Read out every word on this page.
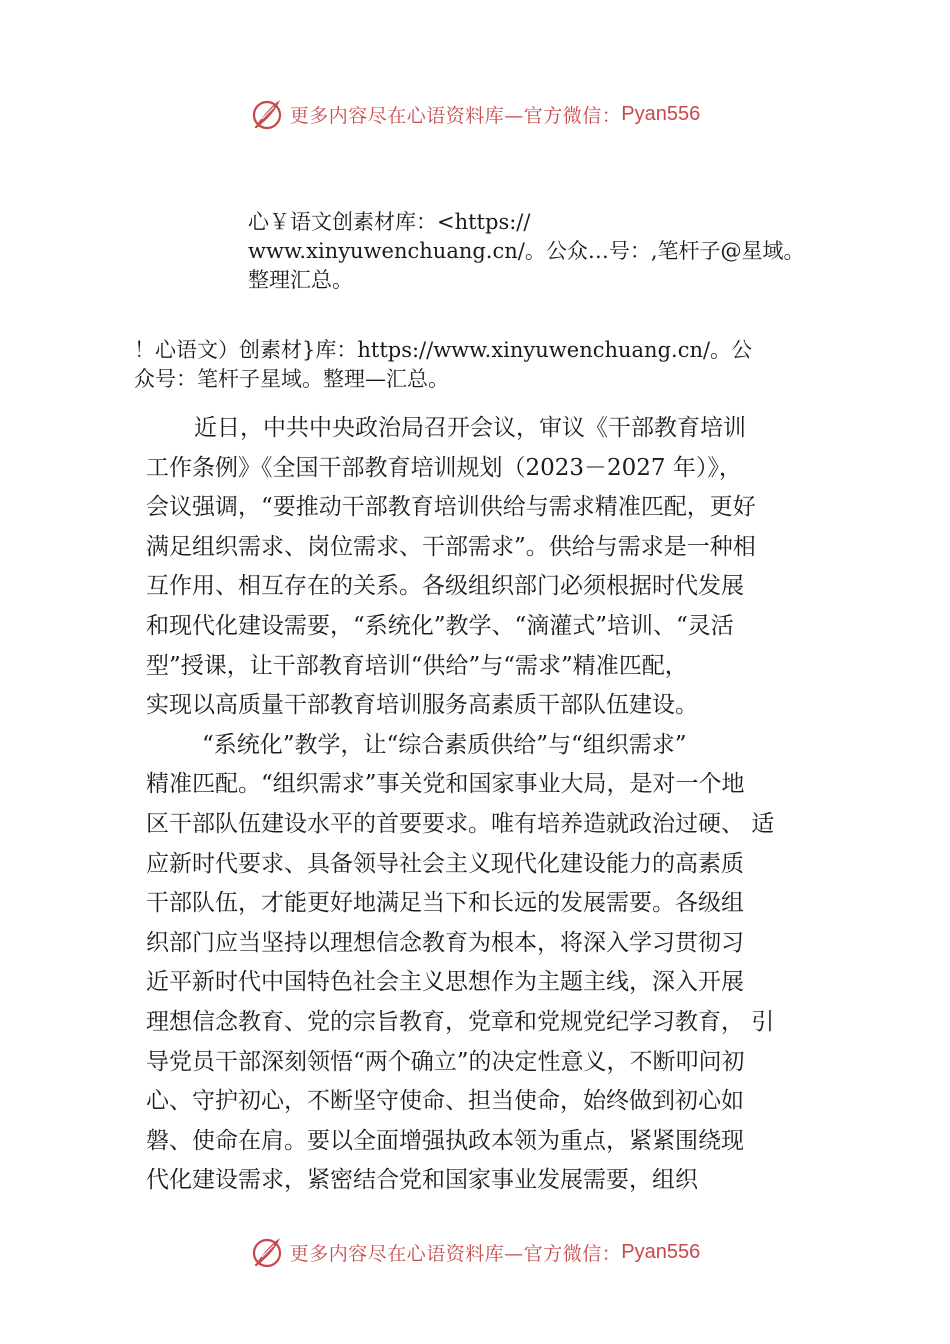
更多内容尽在心语资料库—官方微信： Pyan556
心￥语文创素材库：<https://
www.xinyuwenchuang.cn/。公众…号：,笔杆子@星域。
整理汇总。
！心语文）创素材}库：https://www.xinyuwenchuang.cn/。公
众号：笔杆子星域。整理—汇总。
近日，中共中央政治局召开会议，审议《干部教育培训
工作条例》《全国干部教育培训规划（2023－2027 年）》，
会议强调，“要推动干部教育培训供给与需求精准匹配，更好
满足组织需求、岗位需求、干部需求”。供给与需求是一种相
互作用、相互存在的关系。各级组织部门必须根据时代发展
和现代化建设需要，“系统化”教学、“滴灌式”培训、“灵活
型”授课，让干部教育培训“供给”与“需求”精准匹配，
实现以高质量干部教育培训服务高素质干部队伍建设。
“系统化”教学，让“综合素质供给”与“组织需求”
精准匹配。“组织需求”事关党和国家事业大局，是对一个地
区干部队伍建设水平的首要要求。唯有培养造就政治过硬、 适
应新时代要求、具备领导社会主义现代化建设能力的高素质
干部队伍，才能更好地满足当下和长远的发展需要。各级组
织部门应当坚持以理想信念教育为根本，将深入学习贯彻习
近平新时代中国特色社会主义思想作为主题主线，深入开展
理想信念教育、党的宗旨教育，党章和党规党纪学习教育， 引
导党员干部深刻领悟“两个确立”的决定性意义，不断叩问初
心、守护初心，不断坚守使命、担当使命，始终做到初心如
磐、使命在肩。要以全面增强执政本领为重点，紧紧围绕现
代化建设需求，紧密结合党和国家事业发展需要，组织
更多内容尽在心语资料库—官方微信： Pyan556
